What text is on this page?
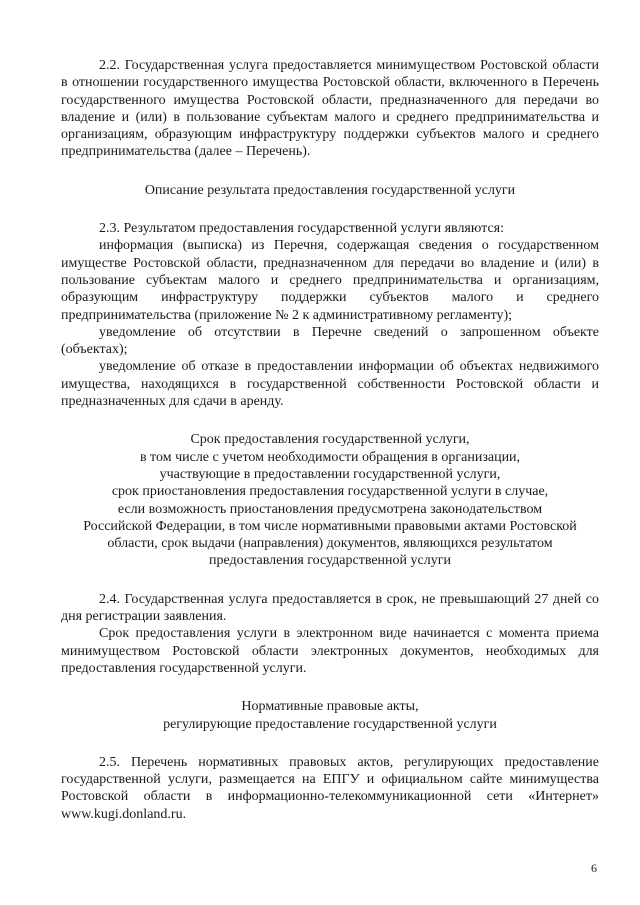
2.2. Государственная услуга предоставляется минимуществом Ростовской области в отношении государственного имущества Ростовской области, включенного в Перечень государственного имущества Ростовской области, предназначенного для передачи во владение и (или) в пользование субъектам малого и среднего предпринимательства и организациям, образующим инфраструктуру поддержки субъектов малого и среднего предпринимательства (далее – Перечень).

Описание результата предоставления государственной услуги

2.3. Результатом предоставления государственной услуги являются:

информация (выписка) из Перечня, содержащая сведения о государственном имуществе Ростовской области, предназначенном для передачи во владение и (или) в пользование субъектам малого и среднего предпринимательства и организациям, образующим инфраструктуру поддержки субъектов малого и среднего предпринимательства (приложение № 2 к административному регламенту);

уведомление об отсутствии в Перечне сведений о запрошенном объекте (объектах);

уведомление об отказе в предоставлении информации об объектах недвижимого имущества, находящихся в государственной собственности Ростовской области и предназначенных для сдачи в аренду.

Срок предоставления государственной услуги,
в том числе с учетом необходимости обращения в организации,
участвующие в предоставлении государственной услуги,
срок приостановления предоставления государственной услуги в случае,
если возможность приостановления предусмотрена законодательством
Российской Федерации, в том числе нормативными правовыми актами Ростовской
области, срок выдачи (направления) документов, являющихся результатом
предоставления государственной услуги

2.4. Государственная услуга предоставляется в срок, не превышающий 27 дней со дня регистрации заявления.

Срок предоставления услуги в электронном виде начинается с момента приема минимуществом Ростовской области электронных документов, необходимых для предоставления государственной услуги.

Нормативные правовые акты,
регулирующие предоставление государственной услуги

2.5. Перечень нормативных правовых актов, регулирующих предоставление государственной услуги, размещается на ЕПГУ и официальном сайте минимущества Ростовской области в информационно-телекоммуникационной сети «Интернет» www.kugi.donland.ru.

6
